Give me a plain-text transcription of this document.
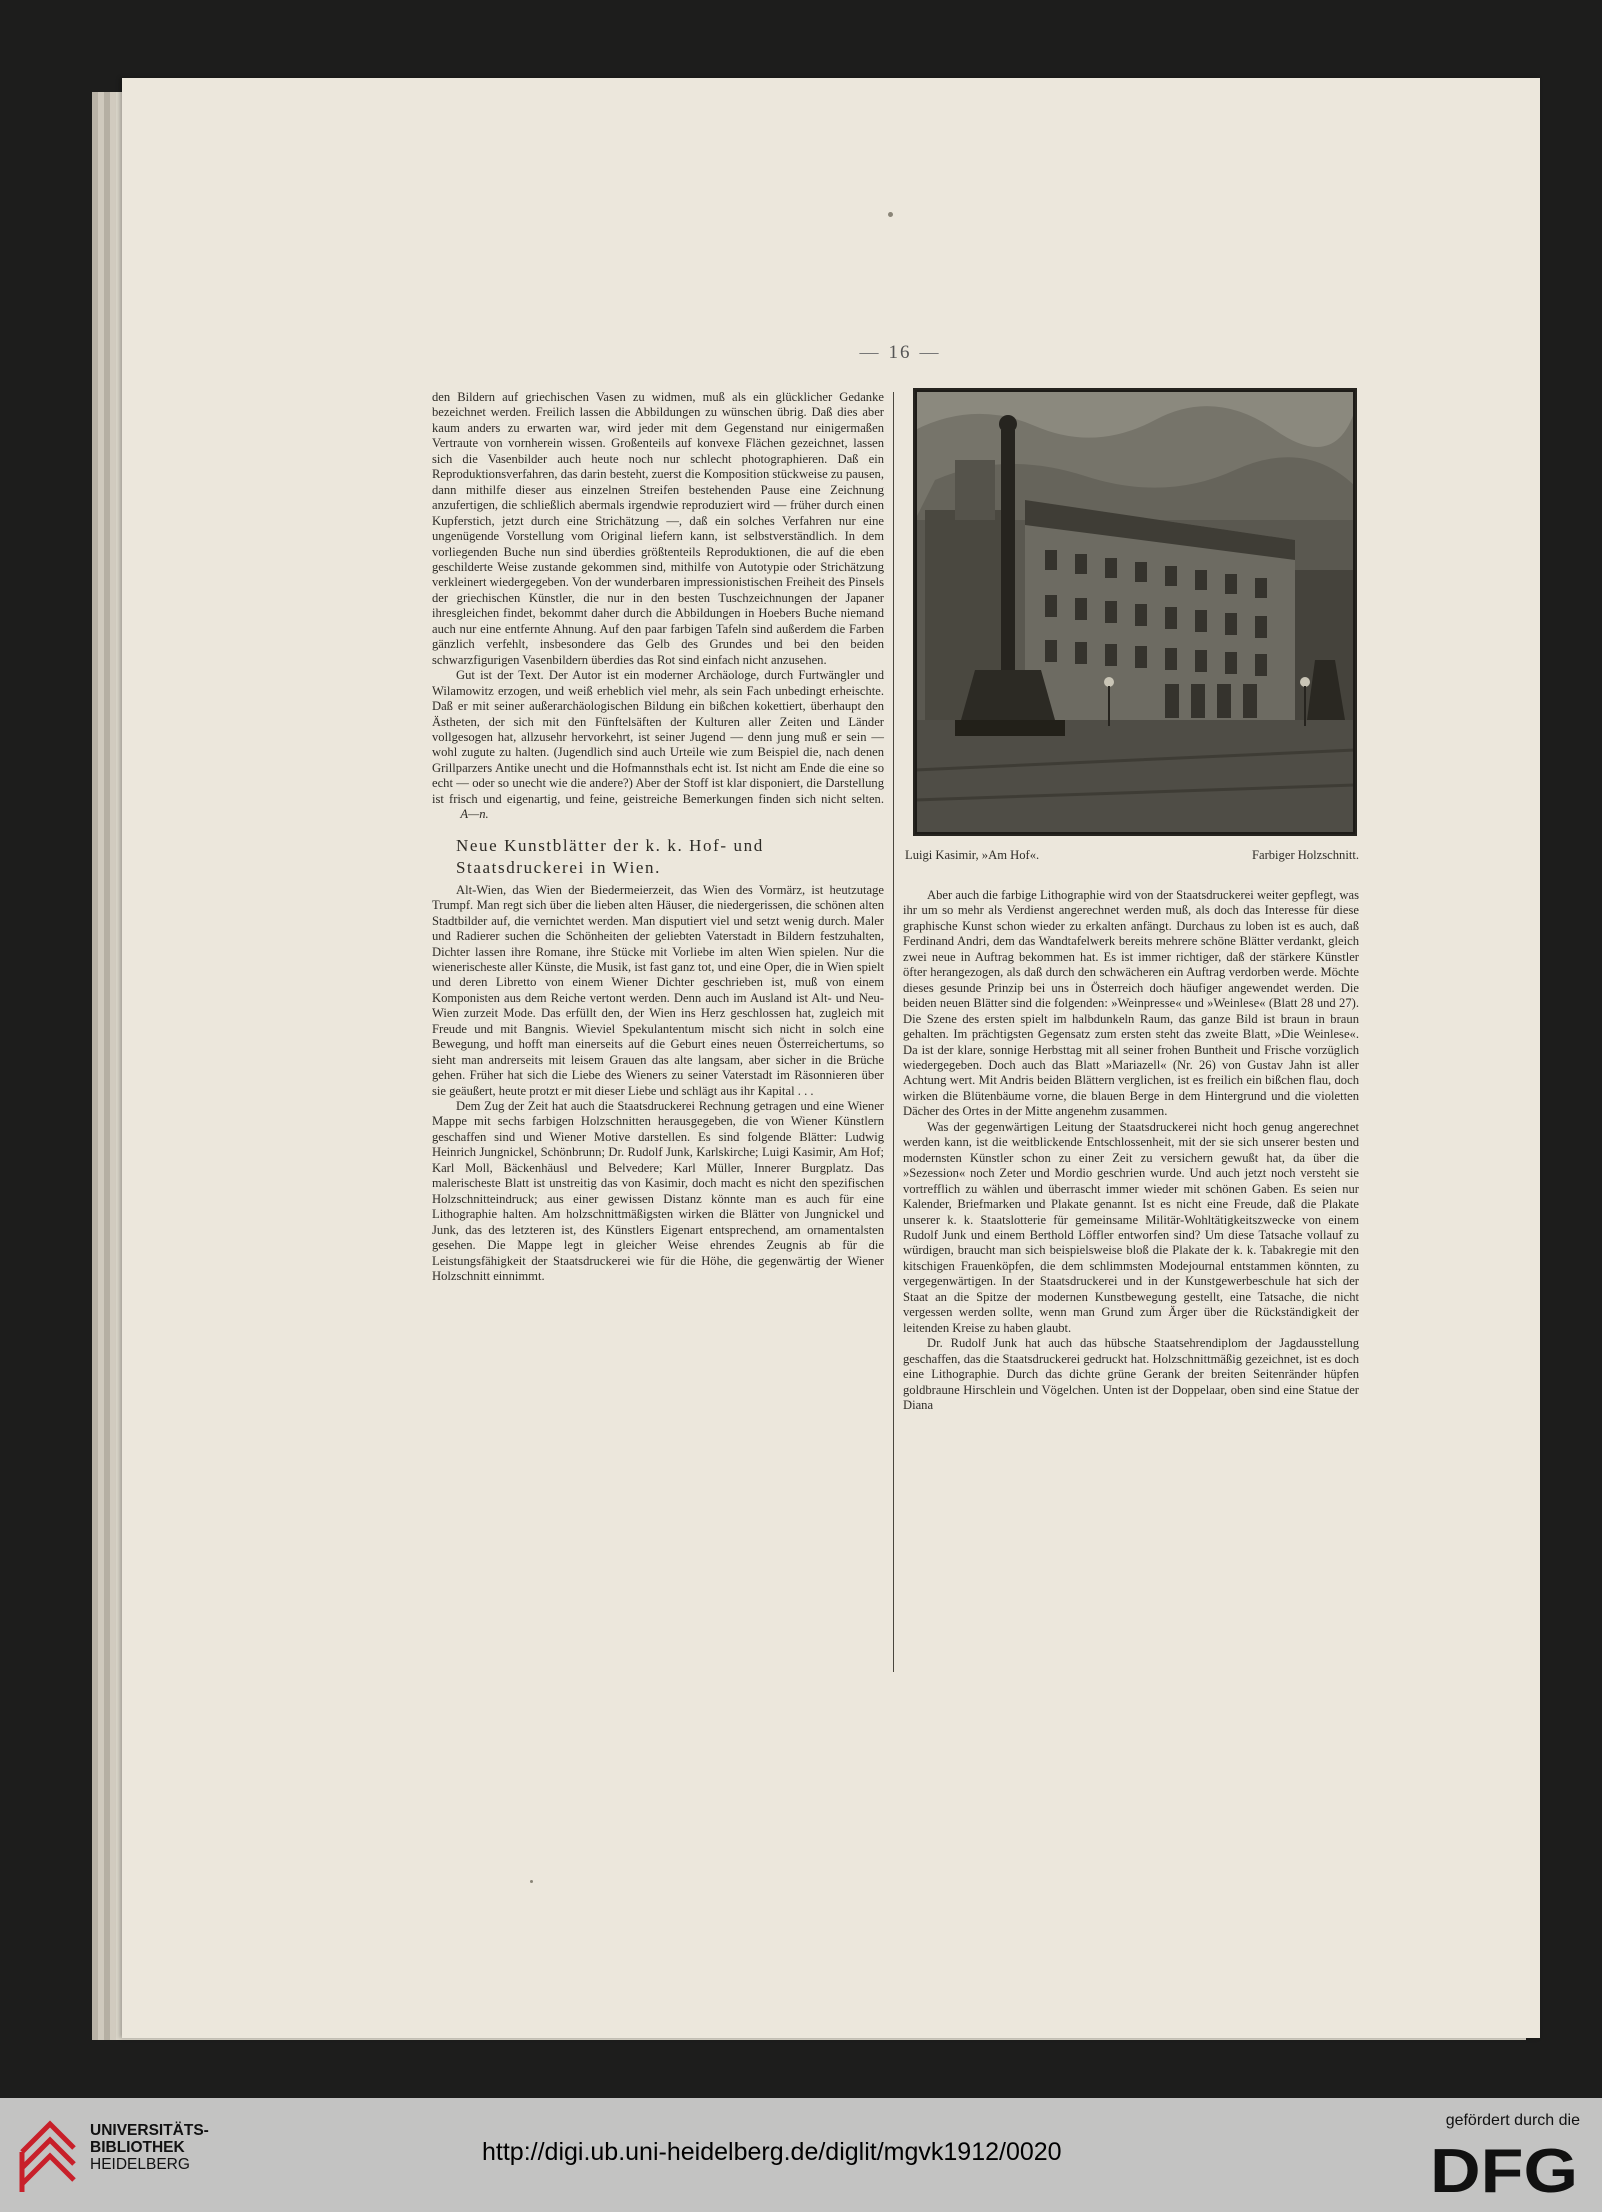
— 16 —

den Bildern auf griechischen Vasen zu widmen, muß als ein glücklicher Gedanke bezeichnet werden. Freilich lassen die Abbildungen zu wünschen übrig. Daß dies aber kaum anders zu erwarten war, wird jeder mit dem Gegenstand nur einigermaßen Vertraute von vornherein wissen. Großenteils auf konvexe Flächen gezeichnet, lassen sich die Vasenbilder auch heute noch nur schlecht photographieren. Daß ein Reproduktionsverfahren, das darin besteht, zuerst die Komposition stückweise zu pausen, dann mithilfe dieser aus einzelnen Streifen bestehenden Pause eine Zeichnung anzufertigen, die schließlich abermals irgendwie reproduziert wird — früher durch einen Kupferstich, jetzt durch eine Strichätzung —, daß ein solches Verfahren nur eine ungenügende Vorstellung vom Original liefern kann, ist selbstverständlich. In dem vorliegenden Buche nun sind überdies größtenteils Reproduktionen, die auf die eben geschilderte Weise zustande gekommen sind, mithilfe von Autotypie oder Strichätzung verkleinert wiedergegeben. Von der wunderbaren impressionistischen Freiheit des Pinsels der griechischen Künstler, die nur in den besten Tuschzeichnungen der Japaner ihresgleichen findet, bekommt daher durch die Abbildungen in Hoebers Buche niemand auch nur eine entfernte Ahnung. Auf den paar farbigen Tafeln sind außerdem die Farben gänzlich verfehlt, insbesondere das Gelb des Grundes und bei den beiden schwarzfigurigen Vasenbildern überdies das Rot sind einfach nicht anzusehen.

Gut ist der Text. Der Autor ist ein moderner Archäologe, durch Furtwängler und Wilamowitz erzogen, und weiß erheblich viel mehr, als sein Fach unbedingt erheischte. Daß er mit seiner außerarchäologischen Bildung ein bißchen kokettiert, überhaupt den Ästheten, der sich mit den Fünftelsäften der Kulturen aller Zeiten und Länder vollgesogen hat, allzusehr hervorkehrt, ist seiner Jugend — denn jung muß er sein — wohl zugute zu halten. (Jugendlich sind auch Urteile wie zum Beispiel die, nach denen Grillparzers Antike unecht und die Hofmannsthals echt ist. Ist nicht am Ende die eine so echt — oder so unecht wie die andere?) Aber der Stoff ist klar disponiert, die Darstellung ist frisch und eigenartig, und feine, geistreiche Bemerkungen finden sich nicht selten.          A—n.

Neue Kunstblätter der k. k. Hof- und Staatsdruckerei in Wien.

Alt-Wien, das Wien der Biedermeierzeit, das Wien des Vormärz, ist heutzutage Trumpf. Man regt sich über die lieben alten Häuser, die niedergerissen, die schönen alten Stadtbilder auf, die vernichtet werden. Man disputiert viel und setzt wenig durch. Maler und Radierer suchen die Schönheiten der geliebten Vaterstadt in Bildern festzuhalten, Dichter lassen ihre Romane, ihre Stücke mit Vorliebe im alten Wien spielen. Nur die wienerischeste aller Künste, die Musik, ist fast ganz tot, und eine Oper, die in Wien spielt und deren Libretto von einem Wiener Dichter geschrieben ist, muß von einem Komponisten aus dem Reiche vertont werden. Denn auch im Ausland ist Alt- und Neu-Wien zurzeit Mode. Das erfüllt den, der Wien ins Herz geschlossen hat, zugleich mit Freude und mit Bangnis. Wieviel Spekulantentum mischt sich nicht in solch eine Bewegung, und hofft man einerseits auf die Geburt eines neuen Österreichertums, so sieht man andrerseits mit leisem Grauen das alte langsam, aber sicher in die Brüche gehen. Früher hat sich die Liebe des Wieners zu seiner Vaterstadt im Räsonnieren über sie geäußert, heute protzt er mit dieser Liebe und schlägt aus ihr Kapital . . .

Dem Zug der Zeit hat auch die Staatsdruckerei Rechnung getragen und eine Wiener Mappe mit sechs farbigen Holzschnitten herausgegeben, die von Wiener Künstlern geschaffen sind und Wiener Motive darstellen. Es sind folgende Blätter: Ludwig Heinrich Jungnickel, Schönbrunn; Dr. Rudolf Junk, Karlskirche; Luigi Kasimir, Am Hof; Karl Moll, Bäckenhäusl und Belvedere; Karl Müller, Innerer Burgplatz. Das malerischeste Blatt ist unstreitig das von Kasimir, doch macht es nicht den spezifischen Holzschnitteindruck; aus einer gewissen Distanz könnte man es auch für eine Lithographie halten. Am holzschnittmäßigsten wirken die Blätter von Jungnickel und Junk, das des letzteren ist, des Künstlers Eigenart entsprechend, am ornamentalsten gesehen. Die Mappe legt in gleicher Weise ehrendes Zeugnis ab für die Leistungsfähigkeit der Staatsdruckerei wie für die Höhe, die gegenwärtig der Wiener Holzschnitt einnimmt.

Luigi Kasimir, »Am Hof«.	Farbiger Holzschnitt.

Aber auch die farbige Lithographie wird von der Staatsdruckerei weiter gepflegt, was ihr um so mehr als Verdienst angerechnet werden muß, als doch das Interesse für diese graphische Kunst schon wieder zu erkalten anfängt. Durchaus zu loben ist es auch, daß Ferdinand Andri, dem das Wandtafelwerk bereits mehrere schöne Blätter verdankt, gleich zwei neue in Auftrag bekommen hat. Es ist immer richtiger, daß der stärkere Künstler öfter herangezogen, als daß durch den schwächeren ein Auftrag verdorben werde. Möchte dieses gesunde Prinzip bei uns in Österreich doch häufiger angewendet werden. Die beiden neuen Blätter sind die folgenden: »Weinpresse« und »Weinlese« (Blatt 28 und 27). Die Szene des ersten spielt im halbdunkeln Raum, das ganze Bild ist braun in braun gehalten. Im prächtigsten Gegensatz zum ersten steht das zweite Blatt, »Die Weinlese«. Da ist der klare, sonnige Herbsttag mit all seiner frohen Buntheit und Frische vorzüglich wiedergegeben. Doch auch das Blatt »Mariazell« (Nr. 26) von Gustav Jahn ist aller Achtung wert. Mit Andris beiden Blättern verglichen, ist es freilich ein bißchen flau, doch wirken die Blütenbäume vorne, die blauen Berge in dem Hintergrund und die violetten Dächer des Ortes in der Mitte angenehm zusammen.

Was der gegenwärtigen Leitung der Staatsdruckerei nicht hoch genug angerechnet werden kann, ist die weitblickende Entschlossenheit, mit der sie sich unserer besten und modernsten Künstler schon zu einer Zeit zu versichern gewußt hat, da über die »Sezession« noch Zeter und Mordio geschrien wurde. Und auch jetzt noch versteht sie vortrefflich zu wählen und überrascht immer wieder mit schönen Gaben. Es seien nur Kalender, Briefmarken und Plakate genannt. Ist es nicht eine Freude, daß die Plakate unserer k. k. Staatslotterie für gemeinsame Militär-Wohltätigkeitszwecke von einem Rudolf Junk und einem Berthold Löffler entworfen sind? Um diese Tatsache vollauf zu würdigen, braucht man sich beispielsweise bloß die Plakate der k. k. Tabakregie mit den kitschigen Frauenköpfen, die dem schlimmsten Modejournal entstammen könnten, zu vergegenwärtigen. In der Staatsdruckerei und in der Kunstgewerbeschule hat sich der Staat an die Spitze der modernen Kunstbewegung gestellt, eine Tatsache, die nicht vergessen werden sollte, wenn man Grund zum Ärger über die Rückständigkeit der leitenden Kreise zu haben glaubt.

Dr. Rudolf Junk hat auch das hübsche Staatsehrendiplom der Jagdausstellung geschaffen, das die Staatsdruckerei gedruckt hat. Holzschnittmäßig gezeichnet, ist es doch eine Lithographie. Durch das dichte grüne Gerank der breiten Seitenränder hüpfen goldbraune Hirschlein und Vögelchen. Unten ist der Doppelaar, oben sind eine Statue der Diana

UNIVERSITÄTS-
BIBLIOTHEK
HEIDELBERG	http://digi.ub.uni-heidelberg.de/diglit/mgvk1912/0020
gefördert durch die
DFG
